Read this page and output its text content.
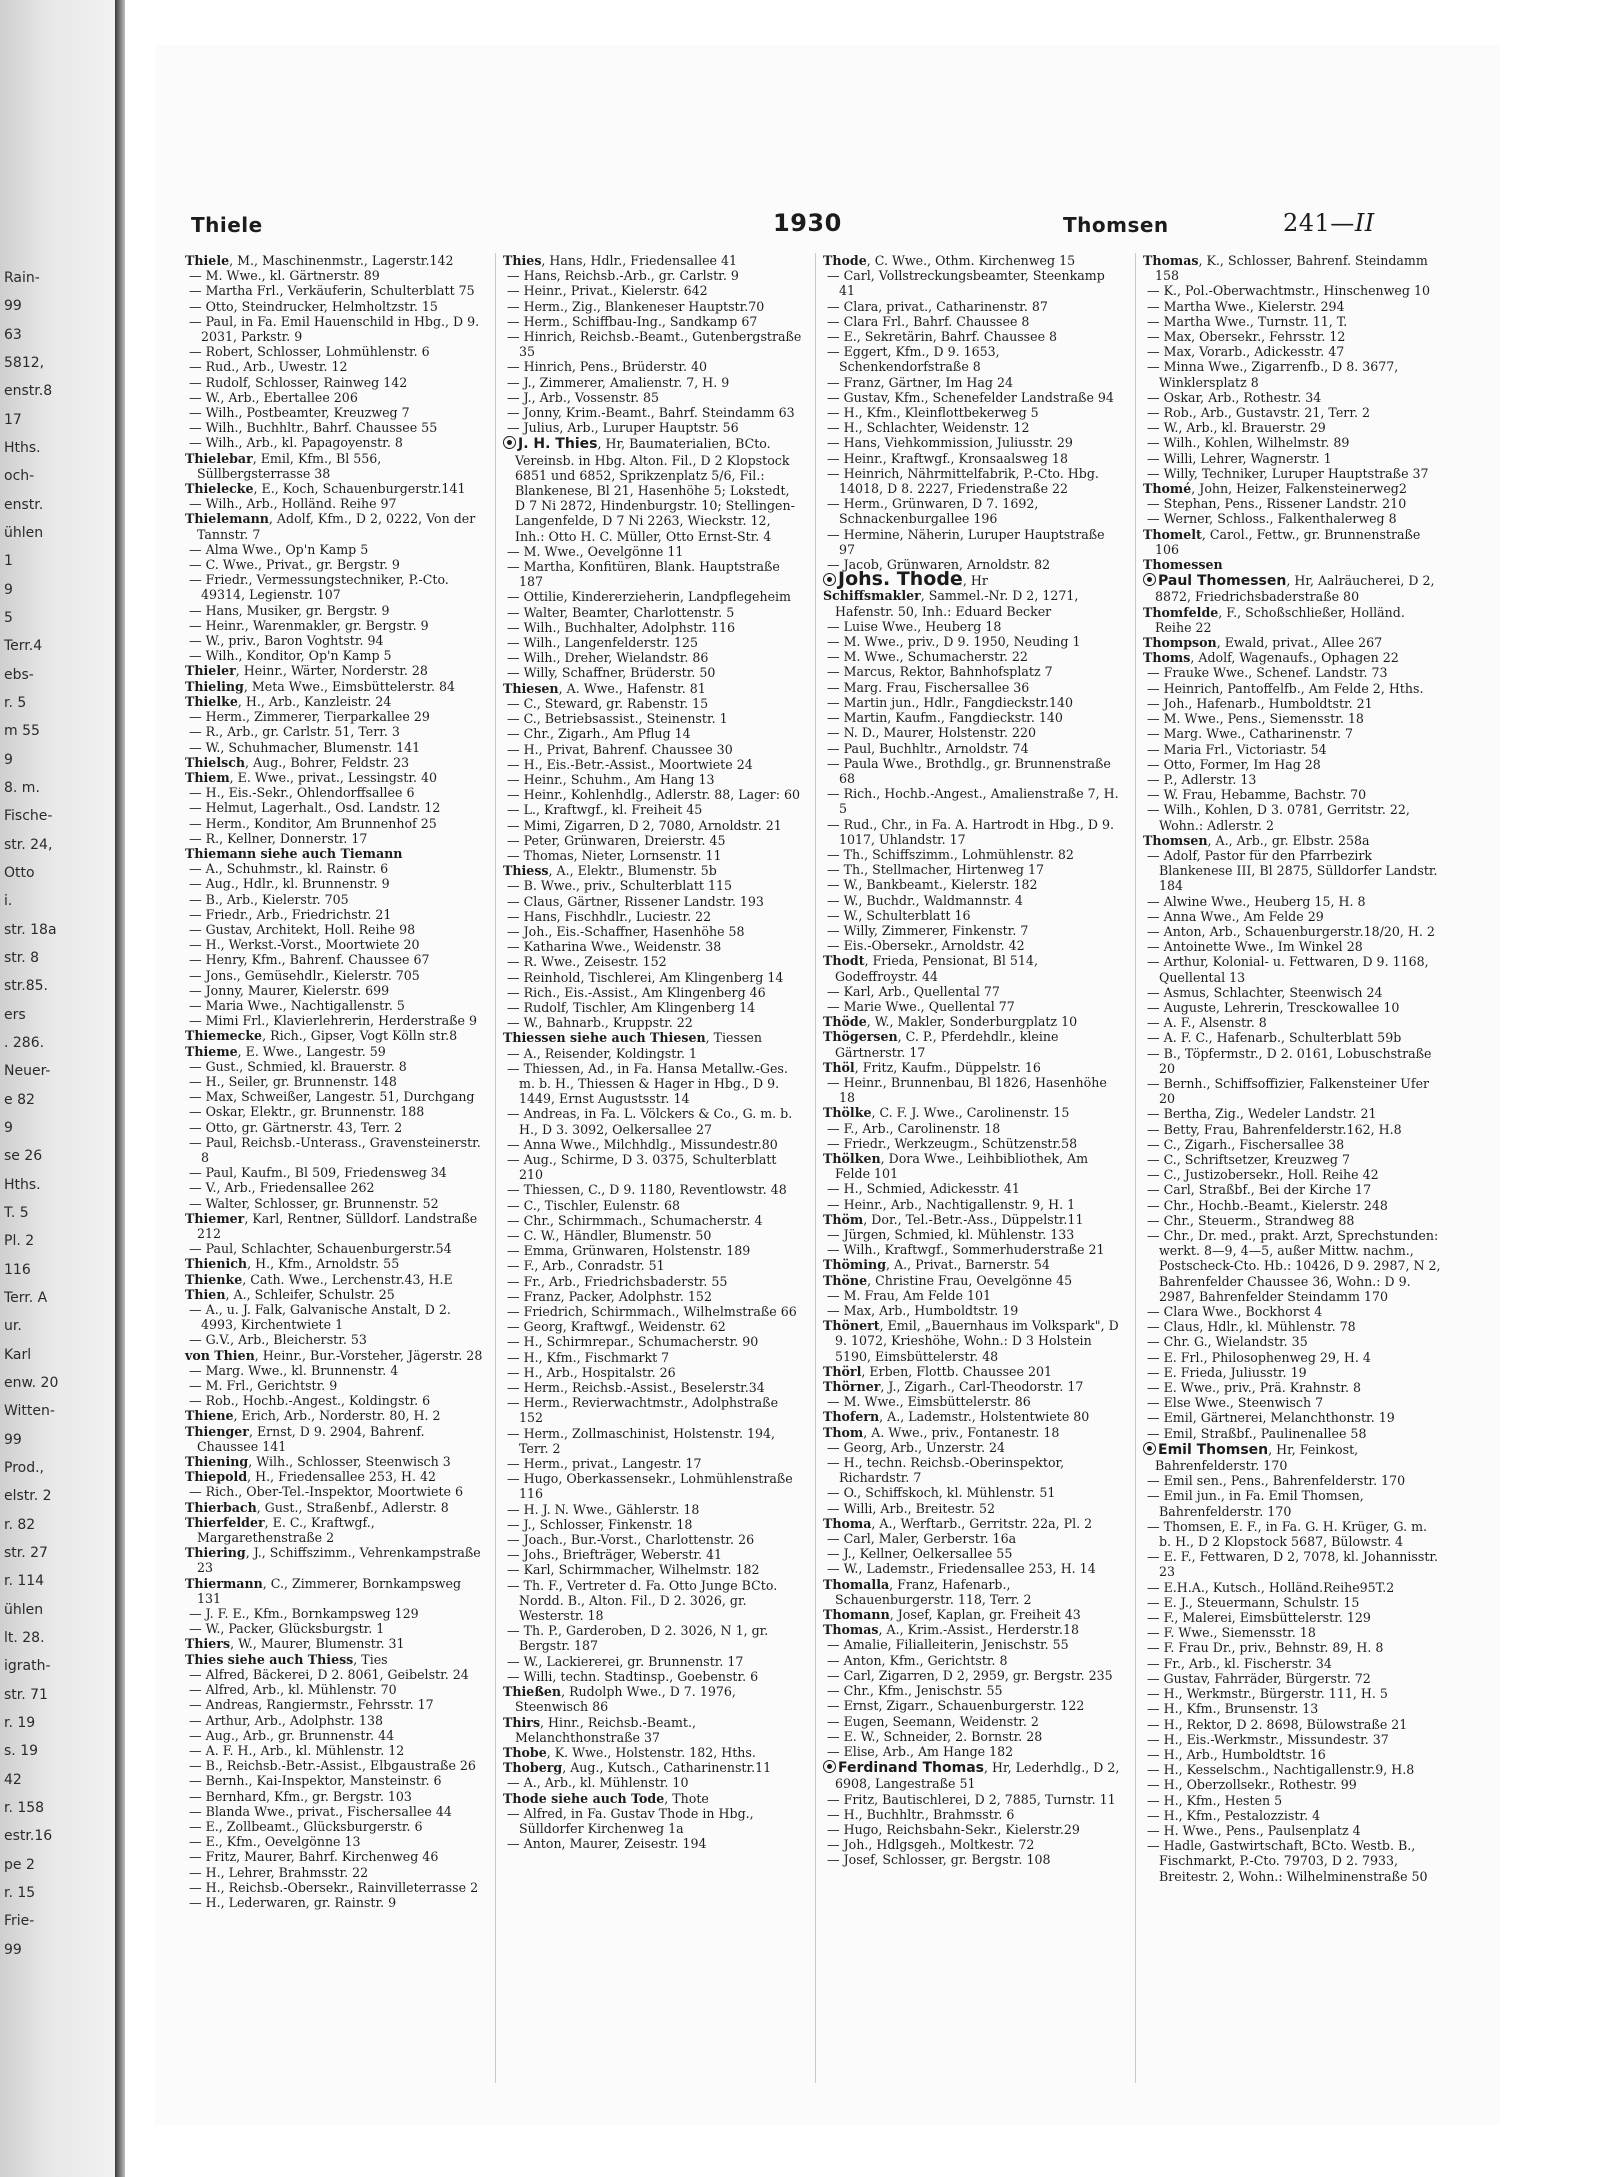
Rain-
99
63
5812,
enstr.8
17
Hths.
och-
enstr.
ühlen
1
9
5
Terr.4
ebs-
r. 5
m 55
9
8. m.
Fische-
str. 24,
Otto
i.
str. 18a
str. 8
str.85.
ers
. 286.
Neuer-
e 82
9
se 26
Hths.
T. 5
Pl. 2
116
Terr. A
ur.
Karl
enw. 20
Witten-
99
Prod.,
elstr. 2
r. 82
str. 27
r. 114
ühlen
lt. 28.
igrath-
str. 71
r. 19
s. 19
42
r. 158
estr.16
pe 2
r. 15
Frie-
99
Thiele	1930	Thomsen	241—II

Thiele, M., Maschinenmstr., Lagerstr.142

— M. Wwe., kl. Gärtnerstr. 89

— Martha Frl., Verkäuferin, Schulterblatt 75

— Otto, Steindrucker, Helmholtzstr. 15

— Paul, in Fa. Emil Hauenschild in Hbg., D 9. 2031, Parkstr. 9

— Robert, Schlosser, Lohmühlenstr. 6

— Rud., Arb., Uwestr. 12

— Rudolf, Schlosser, Rainweg 142

— W., Arb., Ebertallee 206

— Wilh., Postbeamter, Kreuzweg 7

— Wilh., Buchhltr., Bahrf. Chaussee 55

— Wilh., Arb., kl. Papagoyenstr. 8

Thielebar, Emil, Kfm., Bl 556, Süllbergsterrasse 38

Thielecke, E., Koch, Schauenburgerstr.141

— Wilh., Arb., Holländ. Reihe 97

Thielemann, Adolf, Kfm., D 2, 0222, Von der Tannstr. 7

— Alma Wwe., Op'n Kamp 5

— C. Wwe., Privat., gr. Bergstr. 9

— Friedr., Vermessungstechniker, P.-Cto. 49314, Legienstr. 107

— Hans, Musiker, gr. Bergstr. 9

— Heinr., Warenmakler, gr. Bergstr. 9

— W., priv., Baron Voghtstr. 94

— Wilh., Konditor, Op'n Kamp 5

Thieler, Heinr., Wärter, Norderstr. 28

Thieling, Meta Wwe., Eimsbüttelerstr. 84

Thielke, H., Arb., Kanzleistr. 24

— Herm., Zimmerer, Tierparkallee 29

— R., Arb., gr. Carlstr. 51, Terr. 3

— W., Schuhmacher, Blumenstr. 141

Thielsch, Aug., Bohrer, Feldstr. 23

Thiem, E. Wwe., privat., Lessingstr. 40

— H., Eis.-Sekr., Ohlendorffsallee 6

— Helmut, Lagerhalt., Osd. Landstr. 12

— Herm., Konditor, Am Brunnenhof 25

— R., Kellner, Donnerstr. 17

Thiemann siehe auch Tiemann

— A., Schuhmstr., kl. Rainstr. 6

— Aug., Hdlr., kl. Brunnenstr. 9

— B., Arb., Kielerstr. 705

— Friedr., Arb., Friedrichstr. 21

— Gustav, Architekt, Holl. Reihe 98

— H., Werkst.-Vorst., Moortwiete 20

— Henry, Kfm., Bahrenf. Chaussee 67

— Jons., Gemüsehdlr., Kielerstr. 705

— Jonny, Maurer, Kielerstr. 699

— Maria Wwe., Nachtigallenstr. 5

— Mimi Frl., Klavierlehrerin, Herderstraße 9

Thiemecke, Rich., Gipser, Vogt Kölln str.8

Thieme, E. Wwe., Langestr. 59

— Gust., Schmied, kl. Brauerstr. 8

— H., Seiler, gr. Brunnenstr. 148

— Max, Schweißer, Langestr. 51, Durchgang

— Oskar, Elektr., gr. Brunnenstr. 188

— Otto, gr. Gärtnerstr. 43, Terr. 2

— Paul, Reichsb.-Unterass., Gravensteinerstr. 8

— Paul, Kaufm., Bl 509, Friedensweg 34

— V., Arb., Friedensallee 262

— Walter, Schlosser, gr. Brunnenstr. 52

Thiemer, Karl, Rentner, Sülldorf. Landstraße 212

— Paul, Schlachter, Schauenburgerstr.54

Thienich, H., Kfm., Arnoldstr. 55

Thienke, Cath. Wwe., Lerchenstr.43, H.E

Thien, A., Schleifer, Schulstr. 25

— A., u. J. Falk, Galvanische Anstalt, D 2. 4993, Kirchentwiete 1

— G.V., Arb., Bleicherstr. 53

von Thien, Heinr., Bur.-Vorsteher, Jägerstr. 28

— Marg. Wwe., kl. Brunnenstr. 4

— M. Frl., Gerichtstr. 9

— Rob., Hochb.-Angest., Koldingstr. 6

Thiene, Erich, Arb., Norderstr. 80, H. 2

Thienger, Ernst, D 9. 2904, Bahrenf. Chaussee 141

Thiening, Wilh., Schlosser, Steenwisch 3

Thiepold, H., Friedensallee 253, H. 42

— Rich., Ober-Tel.-Inspektor, Moortwiete 6

Thierbach, Gust., Straßenbf., Adlerstr. 8

Thierfelder, E. C., Kraftwgf., Margarethenstraße 2

Thiering, J., Schiffszimm., Vehrenkampstraße 23

Thiermann, C., Zimmerer, Bornkampsweg 131

— J. F. E., Kfm., Bornkampsweg 129

— W., Packer, Glücksburgstr. 1

Thiers, W., Maurer, Blumenstr. 31

Thies siehe auch Thiess, Ties

— Alfred, Bäckerei, D 2. 8061, Geibelstr. 24

— Alfred, Arb., kl. Mühlenstr. 70

— Andreas, Rangiermstr., Fehrsstr. 17

— Arthur, Arb., Adolphstr. 138

— Aug., Arb., gr. Brunnenstr. 44

— A. F. H., Arb., kl. Mühlenstr. 12

— B., Reichsb.-Betr.-Assist., Elbgaustraße 26

— Bernh., Kai-Inspektor, Mansteinstr. 6

— Bernhard, Kfm., gr. Bergstr. 103

— Blanda Wwe., privat., Fischersallee 44

— E., Zollbeamt., Glücksburgerstr. 6

— E., Kfm., Oevelgönne 13

— Fritz, Maurer, Bahrf. Kirchenweg 46

— H., Lehrer, Brahmsstr. 22

— H., Reichsb.-Obersekr., Rainvilleterrasse 2

— H., Lederwaren, gr. Rainstr. 9

Thies, Hans, Hdlr., Friedensallee 41

— Hans, Reichsb.-Arb., gr. Carlstr. 9

— Heinr., Privat., Kielerstr. 642

— Herm., Zig., Blankeneser Hauptstr.70

— Herm., Schiffbau-Ing., Sandkamp 67

— Hinrich, Reichsb.-Beamt., Gutenbergstraße 35

— Hinrich, Pens., Brüderstr. 40

— J., Zimmerer, Amalienstr. 7, H. 9

— J., Arb., Vossenstr. 85

— Jonny, Krim.-Beamt., Bahrf. Steindamm 63

— Julius, Arb., Luruper Hauptstr. 56

J. H. Thies, Hr, Baumaterialien, BCto. Vereinsb. in Hbg. Alton. Fil., D 2 Klopstock 6851 und 6852, Sprikzenplatz 5/6, Fil.: Blankenese, Bl 21, Hasenhöhe 5; Lokstedt, D 7 Ni 2872, Hindenburgstr. 10; Stellingen-Langenfelde, D 7 Ni 2263, Wieckstr. 12, Inh.: Otto H. C. Müller, Otto Ernst-Str. 4

— M. Wwe., Oevelgönne 11

— Martha, Konfitüren, Blank. Hauptstraße 187

— Ottilie, Kindererzieherin, Landpflegeheim

— Walter, Beamter, Charlottenstr. 5

— Wilh., Buchhalter, Adolphstr. 116

— Wilh., Langenfelderstr. 125

— Wilh., Dreher, Wielandstr. 86

— Willy, Schaffner, Brüderstr. 50

Thiesen, A. Wwe., Hafenstr. 81

— C., Steward, gr. Rabenstr. 15

— C., Betriebsassist., Steinenstr. 1

— Chr., Zigarh., Am Pflug 14

— H., Privat, Bahrenf. Chaussee 30

— H., Eis.-Betr.-Assist., Moortwiete 24

— Heinr., Schuhm., Am Hang 13

— Heinr., Kohlenhdlg., Adlerstr. 88, Lager: 60

— L., Kraftwgf., kl. Freiheit 45

— Mimi, Zigarren, D 2, 7080, Arnoldstr. 21

— Peter, Grünwaren, Dreierstr. 45

— Thomas, Nieter, Lornsenstr. 11

Thiess, A., Elektr., Blumenstr. 5b

— B. Wwe., priv., Schulterblatt 115

— Claus, Gärtner, Rissener Landstr. 193

— Hans, Fischhdlr., Luciestr. 22

— Joh., Eis.-Schaffner, Hasenhöhe 58

— Katharina Wwe., Weidenstr. 38

— R. Wwe., Zeisestr. 152

— Reinhold, Tischlerei, Am Klingenberg 14

— Rich., Eis.-Assist., Am Klingenberg 46

— Rudolf, Tischler, Am Klingenberg 14

— W., Bahnarb., Kruppstr. 22

Thiessen siehe auch Thiesen, Tiessen

— A., Reisender, Koldingstr. 1

— Thiessen, Ad., in Fa. Hansa Metallw.-Ges. m. b. H., Thiessen & Hager in Hbg., D 9. 1449, Ernst Augustsstr. 14

— Andreas, in Fa. L. Völckers & Co., G. m. b. H., D 3. 3092, Oelkersallee 27

— Anna Wwe., Milchhdlg., Missundestr.80

— Aug., Schirme, D 3. 0375, Schulterblatt 210

— Thiessen, C., D 9. 1180, Reventlowstr. 48

— C., Tischler, Eulenstr. 68

— Chr., Schirmmach., Schumacherstr. 4

— C. W., Händler, Blumenstr. 50

— Emma, Grünwaren, Holstenstr. 189

— F., Arb., Conradstr. 51

— Fr., Arb., Friedrichsbaderstr. 55

— Franz, Packer, Adolphstr. 152

— Friedrich, Schirmmach., Wilhelmstraße 66

— Georg, Kraftwgf., Weidenstr. 62

— H., Schirmrepar., Schumacherstr. 90

— H., Kfm., Fischmarkt 7

— H., Arb., Hospitalstr. 26

— Herm., Reichsb.-Assist., Beselerstr.34

— Herm., Revierwachtmstr., Adolphstraße 152

— Herm., Zollmaschinist, Holstenstr. 194, Terr. 2

— Herm., privat., Langestr. 17

— Hugo, Oberkassensekr., Lohmühlenstraße 116

— H. J. N. Wwe., Gählerstr. 18

— J., Schlosser, Finkenstr. 18

— Joach., Bur.-Vorst., Charlottenstr. 26

— Johs., Briefträger, Weberstr. 41

— Karl, Schirmmacher, Wilhelmstr. 182

— Th. F., Vertreter d. Fa. Otto Junge BCto. Nordd. B., Alton. Fil., D 2. 3026, gr. Westerstr. 18

— Th. P., Garderoben, D 2. 3026, N 1, gr. Bergstr. 187

— W., Lackiererei, gr. Brunnenstr. 17

— Willi, techn. Stadtinsp., Goebenstr. 6

Thießen, Rudolph Wwe., D 7. 1976, Steenwisch 86

Thirs, Hinr., Reichsb.-Beamt., Melanchthonstraße 37

Thobe, K. Wwe., Holstenstr. 182, Hths.

Thoberg, Aug., Kutsch., Catharinenstr.11

— A., Arb., kl. Mühlenstr. 10

Thode siehe auch Tode, Thote

— Alfred, in Fa. Gustav Thode in Hbg., Sülldorfer Kirchenweg 1a

— Anton, Maurer, Zeisestr. 194

Thode, C. Wwe., Othm. Kirchenweg 15

— Carl, Vollstreckungsbeamter, Steenkamp 41

— Clara, privat., Catharinenstr. 87

— Clara Frl., Bahrf. Chaussee 8

— E., Sekretärin, Bahrf. Chaussee 8

— Eggert, Kfm., D 9. 1653, Schenkendorfstraße 8

— Franz, Gärtner, Im Hag 24

— Gustav, Kfm., Schenefelder Landstraße 94

— H., Kfm., Kleinflottbekerweg 5

— H., Schlachter, Weidenstr. 12

— Hans, Viehkommission, Juliusstr. 29

— Heinr., Kraftwgf., Kronsaalsweg 18

— Heinrich, Nährmittelfabrik, P.-Cto. Hbg. 14018, D 8. 2227, Friedenstraße 22

— Herm., Grünwaren, D 7. 1692, Schnackenburgallee 196

— Hermine, Näherin, Luruper Hauptstraße 97

— Jacob, Grünwaren, Arnoldstr. 82

Johs. Thode, Hr

Schiffsmakler, Sammel.-Nr. D 2, 1271, Hafenstr. 50, Inh.: Eduard Becker

— Luise Wwe., Heuberg 18

— M. Wwe., priv., D 9. 1950, Neuding 1

— M. Wwe., Schumacherstr. 22

— Marcus, Rektor, Bahnhofsplatz 7

— Marg. Frau, Fischersallee 36

— Martin jun., Hdlr., Fangdieckstr.140

— Martin, Kaufm., Fangdieckstr. 140

— N. D., Maurer, Holstenstr. 220

— Paul, Buchhltr., Arnoldstr. 74

— Paula Wwe., Brothdlg., gr. Brunnenstraße 68

— Rich., Hochb.-Angest., Amalienstraße 7, H. 5

— Rud., Chr., in Fa. A. Hartrodt in Hbg., D 9. 1017, Uhlandstr. 17

— Th., Schiffszimm., Lohmühlenstr. 82

— Th., Stellmacher, Hirtenweg 17

— W., Bankbeamt., Kielerstr. 182

— W., Buchdr., Waldmannstr. 4

— W., Schulterblatt 16

— Willy, Zimmerer, Finkenstr. 7

— Eis.-Obersekr., Arnoldstr. 42

Thodt, Frieda, Pensionat, Bl 514, Godeffroystr. 44

— Karl, Arb., Quellental 77

— Marie Wwe., Quellental 77

Thöde, W., Makler, Sonderburgplatz 10

Thögersen, C. P., Pferdehdlr., kleine Gärtnerstr. 17

Thöl, Fritz, Kaufm., Düppelstr. 16

— Heinr., Brunnenbau, Bl 1826, Hasenhöhe 18

Thölke, C. F. J. Wwe., Carolinenstr. 15

— F., Arb., Carolinenstr. 18

— Friedr., Werkzeugm., Schützenstr.58

Thölken, Dora Wwe., Leihbibliothek, Am Felde 101

— H., Schmied, Adickesstr. 41

— Heinr., Arb., Nachtigallenstr. 9, H. 1

Thöm, Dor., Tel.-Betr.-Ass., Düppelstr.11

— Jürgen, Schmied, kl. Mühlenstr. 133

— Wilh., Kraftwgf., Sommerhuderstraße 21

Thöming, A., Privat., Barnerstr. 54

Thöne, Christine Frau, Oevelgönne 45

— M. Frau, Am Felde 101

— Max, Arb., Humboldtstr. 19

Thönert, Emil, „Bauernhaus im Volkspark", D 9. 1072, Krieshöhe, Wohn.: D 3 Holstein 5190, Eimsbüttelerstr. 48

Thörl, Erben, Flottb. Chaussee 201

Thörner, J., Zigarh., Carl-Theodorstr. 17

— M. Wwe., Eimsbüttelerstr. 86

Thofern, A., Lademstr., Holstentwiete 80

Thom, A. Wwe., priv., Fontanestr. 18

— Georg, Arb., Unzerstr. 24

— H., techn. Reichsb.-Oberinspektor, Richardstr. 7

— O., Schiffskoch, kl. Mühlenstr. 51

— Willi, Arb., Breitestr. 52

Thoma, A., Werftarb., Gerritstr. 22a, Pl. 2

— Carl, Maler, Gerberstr. 16a

— J., Kellner, Oelkersallee 55

— W., Lademstr., Friedensallee 253, H. 14

Thomalla, Franz, Hafenarb., Schauenburgerstr. 118, Terr. 2

Thomann, Josef, Kaplan, gr. Freiheit 43

Thomas, A., Krim.-Assist., Herderstr.18

— Amalie, Filialleiterin, Jenischstr. 55

— Anton, Kfm., Gerichtstr. 8

— Carl, Zigarren, D 2, 2959, gr. Bergstr. 235

— Chr., Kfm., Jenischstr. 55

— Ernst, Zigarr., Schauenburgerstr. 122

— Eugen, Seemann, Weidenstr. 2

— E. W., Schneider, 2. Bornstr. 28

— Elise, Arb., Am Hange 182

Ferdinand Thomas, Hr, Lederhdlg., D 2, 6908, Langestraße 51

— Fritz, Bautischlerei, D 2, 7885, Turnstr. 11

— H., Buchhltr., Brahmsstr. 6

— Hugo, Reichsbahn-Sekr., Kielerstr.29

— Joh., Hdlgsgeh., Moltkestr. 72

— Josef, Schlosser, gr. Bergstr. 108

Thomas, K., Schlosser, Bahrenf. Steindamm 158

— K., Pol.-Oberwachtmstr., Hinschenweg 10

— Martha Wwe., Kielerstr. 294

— Martha Wwe., Turnstr. 11, T.

— Max, Obersekr., Fehrsstr. 12

— Max, Vorarb., Adickesstr. 47

— Minna Wwe., Zigarrenfb., D 8. 3677, Winklersplatz 8

— Oskar, Arb., Rothestr. 34

— Rob., Arb., Gustavstr. 21, Terr. 2

— W., Arb., kl. Brauerstr. 29

— Wilh., Kohlen, Wilhelmstr. 89

— Willi, Lehrer, Wagnerstr. 1

— Willy, Techniker, Luruper Hauptstraße 37

Thomé, John, Heizer, Falkensteinerweg2

— Stephan, Pens., Rissener Landstr. 210

— Werner, Schloss., Falkenthalerweg 8

Thomelt, Carol., Fettw., gr. Brunnenstraße 106

Thomessen

Paul Thomessen, Hr, Aalräucherei, D 2, 8872, Friedrichsbaderstraße 80

Thomfelde, F., Schoßschließer, Holländ. Reihe 22

Thompson, Ewald, privat., Allee 267

Thoms, Adolf, Wagenaufs., Ophagen 22

— Frauke Wwe., Schenef. Landstr. 73

— Heinrich, Pantoffelfb., Am Felde 2, Hths.

— Joh., Hafenarb., Humboldtstr. 21

— M. Wwe., Pens., Siemensstr. 18

— Marg. Wwe., Catharinenstr. 7

— Maria Frl., Victoriastr. 54

— Otto, Former, Im Hag 28

— P., Adlerstr. 13

— W. Frau, Hebamme, Bachstr. 70

— Wilh., Kohlen, D 3. 0781, Gerritstr. 22, Wohn.: Adlerstr. 2

Thomsen, A., Arb., gr. Elbstr. 258a

— Adolf, Pastor für den Pfarrbezirk Blankenese III, Bl 2875, Sülldorfer Landstr. 184

— Alwine Wwe., Heuberg 15, H. 8

— Anna Wwe., Am Felde 29

— Anton, Arb., Schauenburgerstr.18/20, H. 2

— Antoinette Wwe., Im Winkel 28

— Arthur, Kolonial- u. Fettwaren, D 9. 1168, Quellental 13

— Asmus, Schlachter, Steenwisch 24

— Auguste, Lehrerin, Tresckowallee 10

— A. F., Alsenstr. 8

— A. F. C., Hafenarb., Schulterblatt 59b

— B., Töpfermstr., D 2. 0161, Lobuschstraße 20

— Bernh., Schiffsoffizier, Falkensteiner Ufer 20

— Bertha, Zig., Wedeler Landstr. 21

— Betty, Frau, Bahrenfelderstr.162, H.8

— C., Zigarh., Fischersallee 38

— C., Schriftsetzer, Kreuzweg 7

— C., Justizobersekr., Holl. Reihe 42

— Carl, Straßbf., Bei der Kirche 17

— Chr., Hochb.-Beamt., Kielerstr. 248

— Chr., Steuerm., Strandweg 88

— Chr., Dr. med., prakt. Arzt, Sprechstunden: werkt. 8—9, 4—5, außer Mittw. nachm., Postscheck-Cto. Hb.: 10426, D 9. 2987, N 2, Bahrenfelder Chaussee 36, Wohn.: D 9. 2987, Bahrenfelder Steindamm 170

— Clara Wwe., Bockhorst 4

— Claus, Hdlr., kl. Mühlenstr. 78

— Chr. G., Wielandstr. 35

— E. Frl., Philosophenweg 29, H. 4

— E. Frieda, Juliusstr. 19

— E. Wwe., priv., Prä. Krahnstr. 8

— Else Wwe., Steenwisch 7

— Emil, Gärtnerei, Melanchthonstr. 19

— Emil, Straßbf., Paulinenallee 58

Emil Thomsen, Hr, Feinkost, Bahrenfelderstr. 170

— Emil sen., Pens., Bahrenfelderstr. 170

— Emil jun., in Fa. Emil Thomsen, Bahrenfelderstr. 170

— Thomsen, E. F., in Fa. G. H. Krüger, G. m. b. H., D 2 Klopstock 5687, Bülowstr. 4

— E. F., Fettwaren, D 2, 7078, kl. Johannisstr. 23

— E.H.A., Kutsch., Holländ.Reihe95T.2

— E. J., Steuermann, Schulstr. 15

— F., Malerei, Eimsbüttelerstr. 129

— F. Wwe., Siemensstr. 18

— F. Frau Dr., priv., Behnstr. 89, H. 8

— Fr., Arb., kl. Fischerstr. 34

— Gustav, Fahrräder, Bürgerstr. 72

— H., Werkmstr., Bürgerstr. 111, H. 5

— H., Kfm., Brunsenstr. 13

— H., Rektor, D 2. 8698, Bülowstraße 21

— H., Eis.-Werkmstr., Missundestr. 37

— H., Arb., Humboldtstr. 16

— H., Kesselschm., Nachtigallenstr.9, H.8

— H., Oberzollsekr., Rothestr. 99

— H., Kfm., Hesten 5

— H., Kfm., Pestalozzistr. 4

— H. Wwe., Pens., Paulsenplatz 4

— Hadle, Gastwirtschaft, BCto. Westb. B., Fischmarkt, P.-Cto. 79703, D 2. 7933, Breitestr. 2, Wohn.: Wilhelminenstraße 50
